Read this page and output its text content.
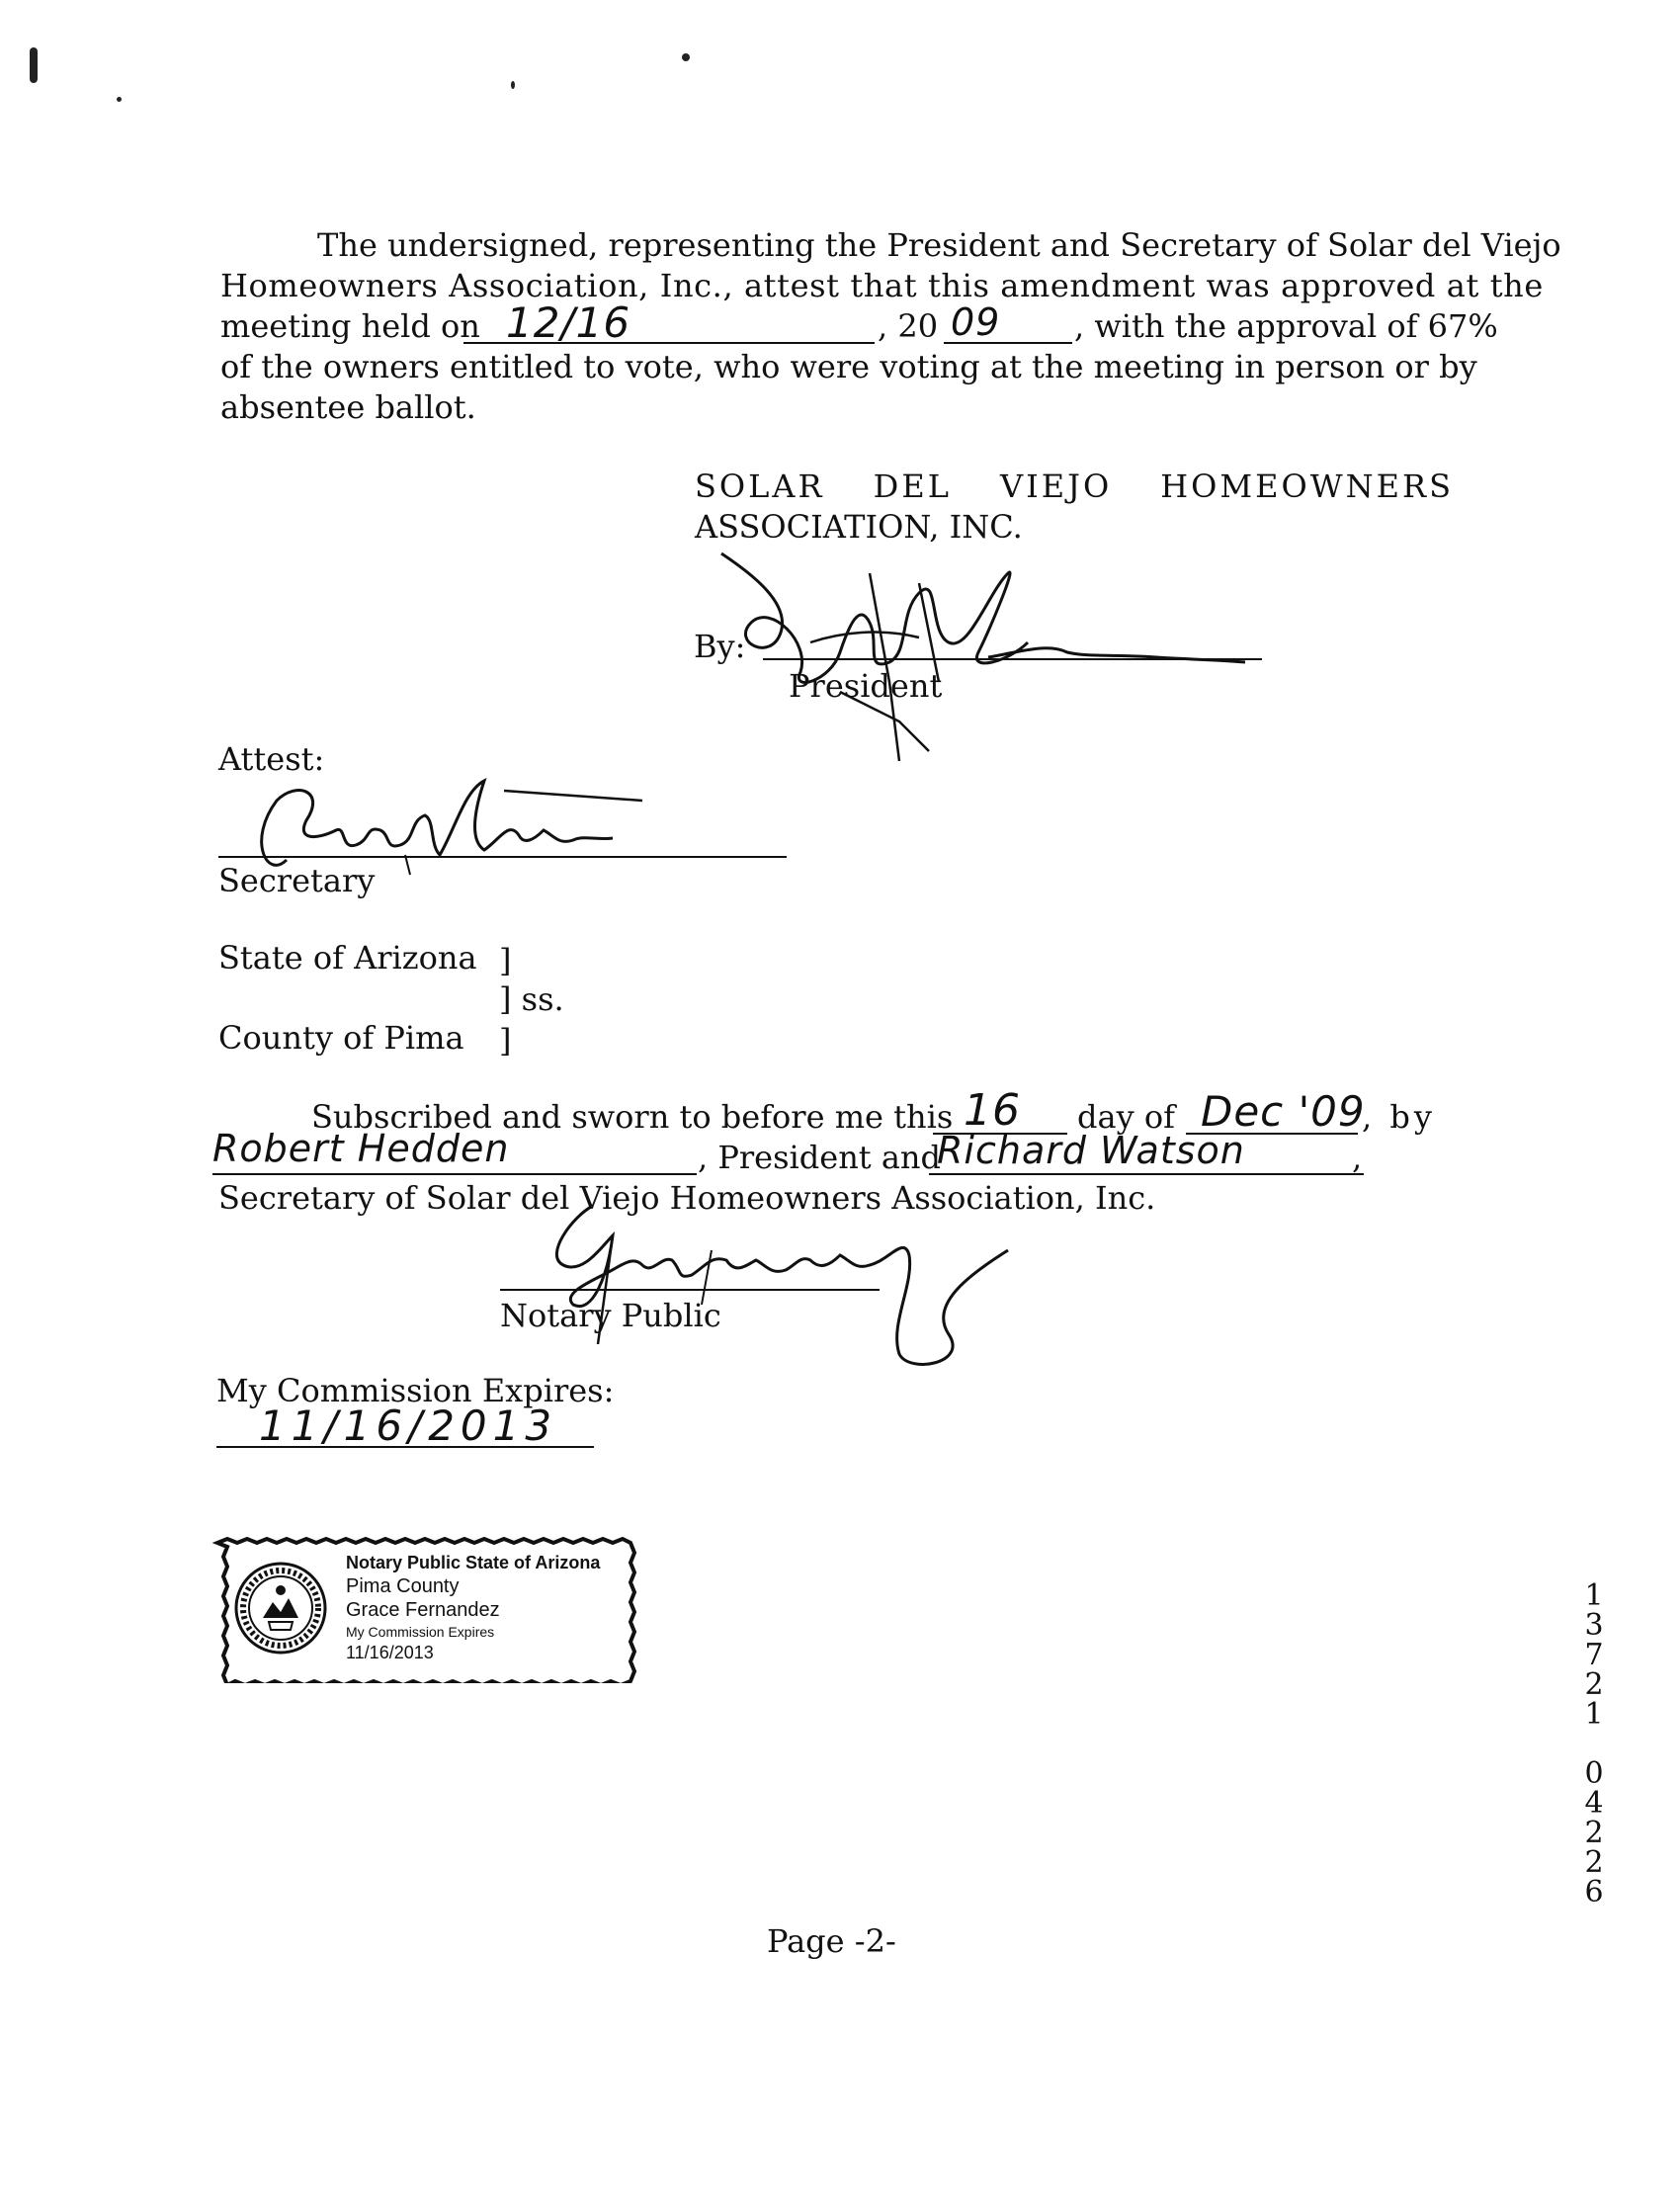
The undersigned, representing the President and Secretary of Solar del Viejo
Homeowners Association, Inc., attest that this amendment was approved at the
meeting held on 12/16	, 20 09 , with the approval of 67%
of the owners entitled to vote, who were voting at the meeting in person or by
absentee ballot.
SOLAR DEL VIEJO HOMEOWNERS
ASSOCIATION, INC.
By:
President
Attest:
Secretary
State of Arizona ]
] ss.
County of Pima ]
Subscribed and sworn to before me this 16 day of Dec '09
, by
Robert Hedden	, President and
Richard Watson	,
Secretary of Solar del Viejo Homeowners Association, Inc.
Notary Public
My Commission Expires:
11/16/2013
Notary Public State of Arizona
Pima County
Grace Fernandez
My Commission Expires
11/16/2013
1
3
7
2
1
0
4
2
2
6
Page -2-
